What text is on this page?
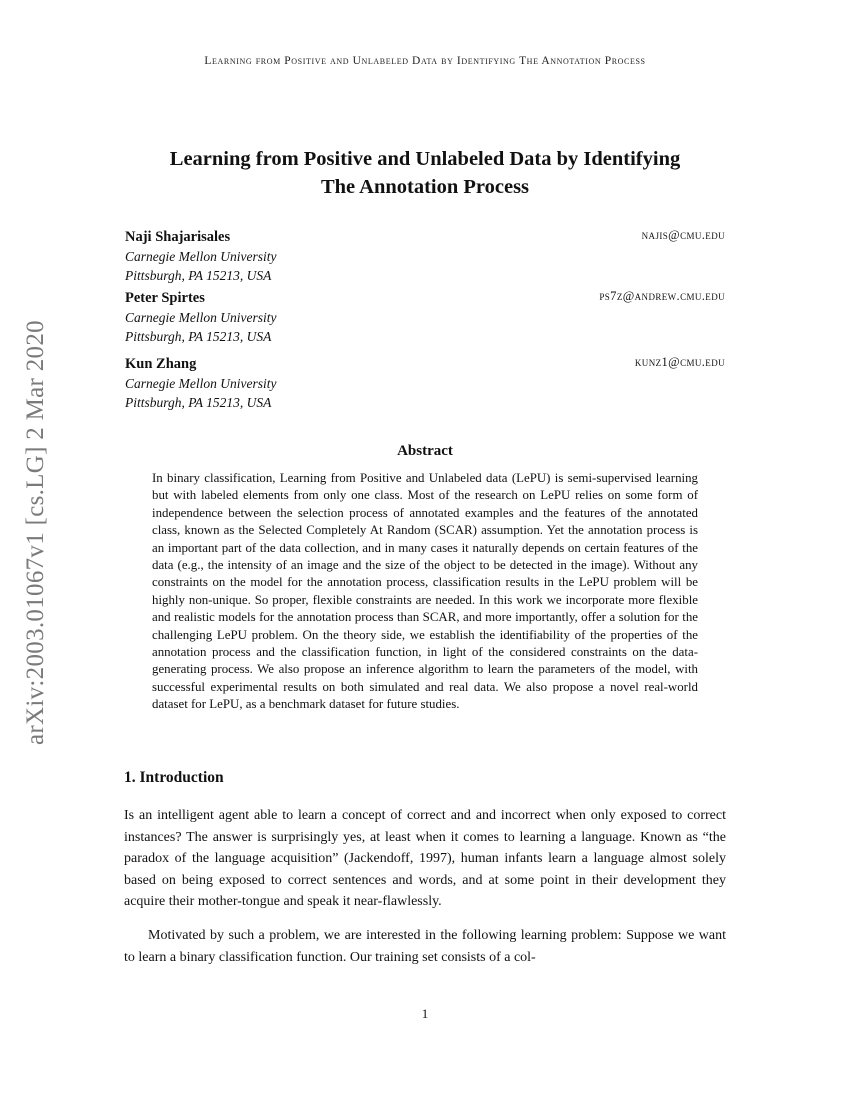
Learning from Positive and Unlabeled Data by Identifying The Annotation Process
arXiv:2003.01067v1 [cs.LG] 2 Mar 2020
Learning from Positive and Unlabeled Data by Identifying
The Annotation Process
Naji Shajarisales
Carnegie Mellon University
Pittsburgh, PA 15213, USA
najis@cmu.edu
Peter Spirtes
Carnegie Mellon University
Pittsburgh, PA 15213, USA
ps7z@andrew.cmu.edu
Kun Zhang
Carnegie Mellon University
Pittsburgh, PA 15213, USA
kunz1@cmu.edu
Abstract
In binary classification, Learning from Positive and Unlabeled data (LePU) is semi-supervised learning but with labeled elements from only one class. Most of the research on LePU relies on some form of independence between the selection process of annotated examples and the features of the annotated class, known as the Selected Completely At Random (SCAR) assumption. Yet the annotation process is an important part of the data collection, and in many cases it naturally depends on certain features of the data (e.g., the intensity of an image and the size of the object to be detected in the image). Without any constraints on the model for the annotation process, classification results in the LePU problem will be highly non-unique. So proper, flexible constraints are needed. In this work we incorporate more flexible and realistic models for the annotation process than SCAR, and more importantly, offer a solution for the challenging LePU problem. On the theory side, we establish the identifiability of the properties of the annotation process and the classification function, in light of the considered constraints on the data-generating process. We also propose an inference algorithm to learn the parameters of the model, with successful experimental results on both simulated and real data. We also propose a novel real-world dataset for LePU, as a benchmark dataset for future studies.
1. Introduction
Is an intelligent agent able to learn a concept of correct and and incorrect when only exposed to correct instances? The answer is surprisingly yes, at least when it comes to learning a language. Known as “the paradox of the language acquisition” (Jackendoff, 1997), human infants learn a language almost solely based on being exposed to correct sentences and words, and at some point in their development they acquire their mother-tongue and speak it near-flawlessly.
Motivated by such a problem, we are interested in the following learning problem: Suppose we want to learn a binary classification function. Our training set consists of a col-
1
